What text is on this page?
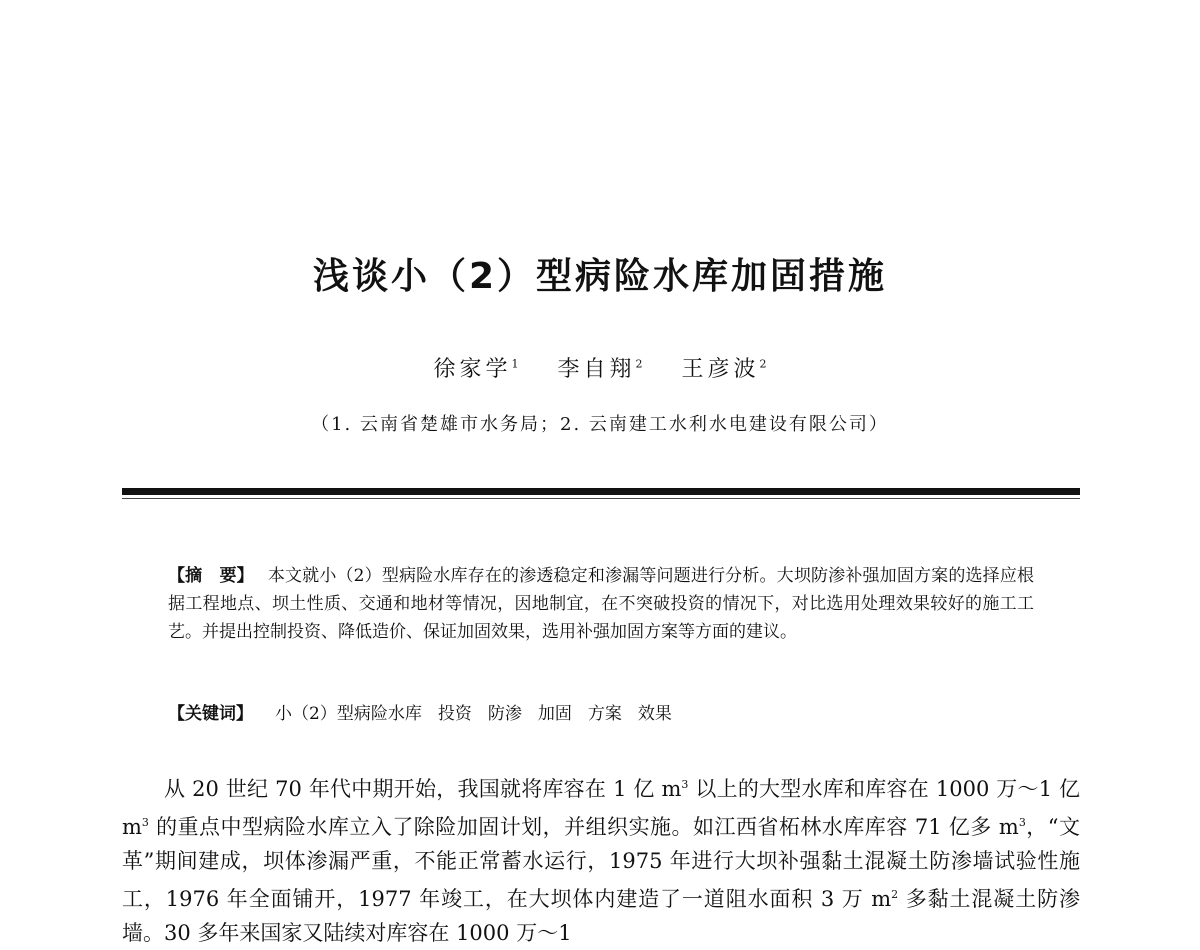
浅谈小（2）型病险水库加固措施
徐家学$^1$ 李自翔$^2$ 王彦波$^2$
（1. 云南省楚雄市水务局；2. 云南建工水利水电建设有限公司）
【摘　要】 本文就小（2）型病险水库存在的渗透稳定和渗漏等问题进行分析。大坝防渗补强加固方案的选择应根据工程地点、坝土性质、交通和地材等情况，因地制宜，在不突破投资的情况下，对比选用处理效果较好的施工工艺。并提出控制投资、降低造价、保证加固效果，选用补强加固方案等方面的建议。
【关键词】 小（2）型病险水库 投资 防渗 加固 方案 效果

从 20 世纪 70 年代中期开始，我国就将库容在 1 亿 $m^3$ 以上的大型水库和库容在 1000 万～1 亿 $m^3$ 的重点中型病险水库立入了除险加固计划，并组织实施。如江西省柘林水库库容 71 亿多 $m^3$，“文革”期间建成，坝体渗漏严重，不能正常蓄水运行，1975 年进行大坝补强黏土混凝土防渗墙试验性施工，1976 年全面铺开，1977 年竣工，在大坝体内建造了一道阻水面积 3 万 $m^2$ 多黏土混凝土防渗墙。30 多年来国家又陆续对库容在 1000 万～1
